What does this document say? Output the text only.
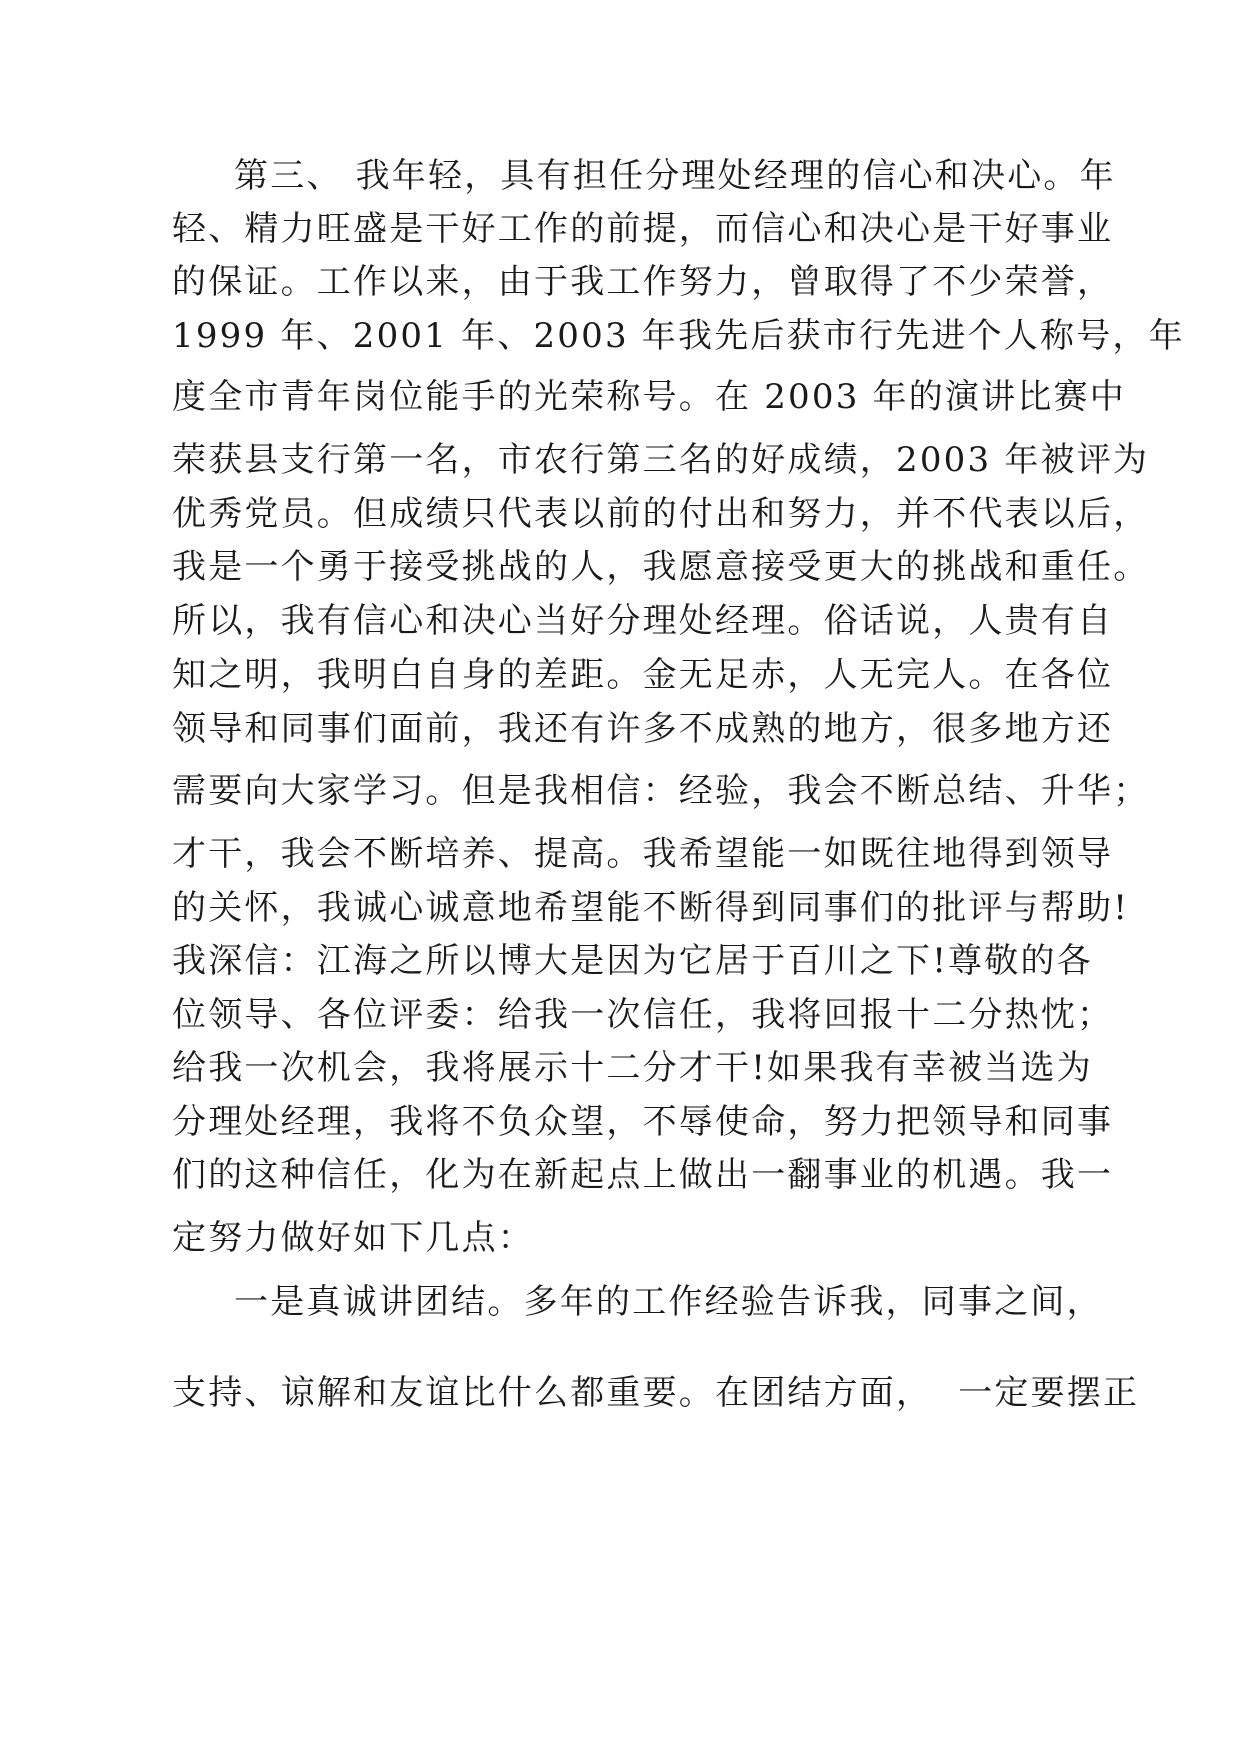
第三、 我年轻，具有担任分理处经理的信心和决心。年
轻、精力旺盛是干好工作的前提，而信心和决心是干好事业
的保证。工作以来，由于我工作努力，曾取得了不少荣誉，
1999 年、2001 年、2003 年我先后获市行先进个人称号，年
度全市青年岗位能手的光荣称号。在 2003 年的演讲比赛中
荣获县支行第一名，市农行第三名的好成绩，2003 年被评为
优秀党员。但成绩只代表以前的付出和努力，并不代表以后，
我是一个勇于接受挑战的人，我愿意接受更大的挑战和重任。
所以，我有信心和决心当好分理处经理。俗话说，人贵有自
知之明，我明白自身的差距。金无足赤，人无完人。在各位
领导和同事们面前，我还有许多不成熟的地方，很多地方还
需要向大家学习。但是我相信：经验，我会不断总结、升华；
才干，我会不断培养、提高。我希望能一如既往地得到领导
的关怀，我诚心诚意地希望能不断得到同事们的批评与帮助!
我深信：江海之所以博大是因为它居于百川之下!尊敬的各
位领导、各位评委：给我一次信任，我将回报十二分热忱；
给我一次机会，我将展示十二分才干!如果我有幸被当选为
分理处经理，我将不负众望，不辱使命，努力把领导和同事
们的这种信任，化为在新起点上做出一翻事业的机遇。我一
定努力做好如下几点：
一是真诚讲团结。多年的工作经验告诉我，同事之间，
支持、谅解和友谊比什么都重要。在团结方面，  一定要摆正
